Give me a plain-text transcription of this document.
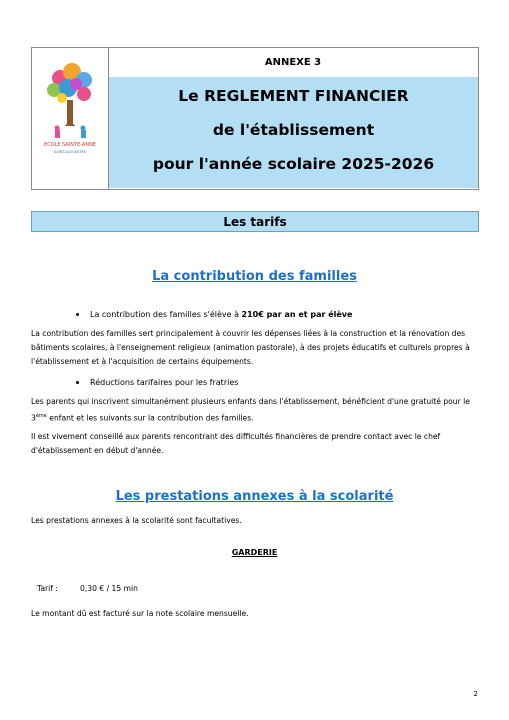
ECOLE SAINTE-ANNE
SAINT-ALOUESTRE
ANNEXE 3
Le REGLEMENT FINANCIER
de l'établissement
pour l'année scolaire 2025-2026
Les tarifs
La contribution des familles
La contribution des familles s'élève à 210€ par an et par élève
La contribution des familles sert principalement à couvrir les dépenses liées à la construction et la rénovation des bâtiments scolaires, à l'enseignement religieux (animation pastorale), à des projets éducatifs et culturels propres à l'établissement et à l'acquisition de certains équipements.
Réductions tarifaires pour les fratries
Les parents qui inscrivent simultanément plusieurs enfants dans l'établissement, bénéficient d'une gratuité pour le 3ème enfant et les suivants sur la contribution des familles.
Il est vivement conseillé aux parents rencontrant des difficultés financières de prendre contact avec le chef d'établissement en début d'année.
Les prestations annexes à la scolarité
Les prestations annexes à la scolarité sont facultatives.
GARDERIE
Tarif :	0,30 € / 15 min
Le montant dû est facturé sur la note scolaire mensuelle.
2
